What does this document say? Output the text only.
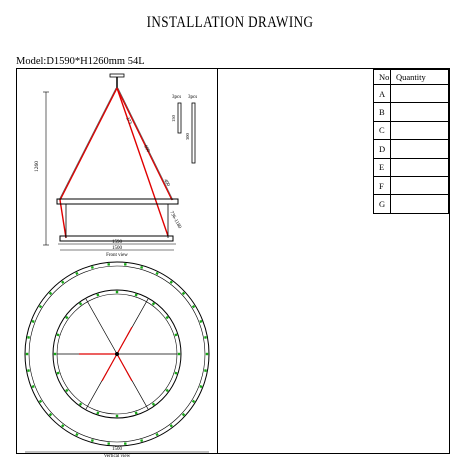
INSTALLATION DRAWING
Model:D1590*H1260mm 54L
No	Quantity
A	
B	
C	
D	
E	
F	
G	
373
600
400
736-1180
1260
1590
1500
Front view
3pcs 3pcs
150
300
1500
Vertical view
